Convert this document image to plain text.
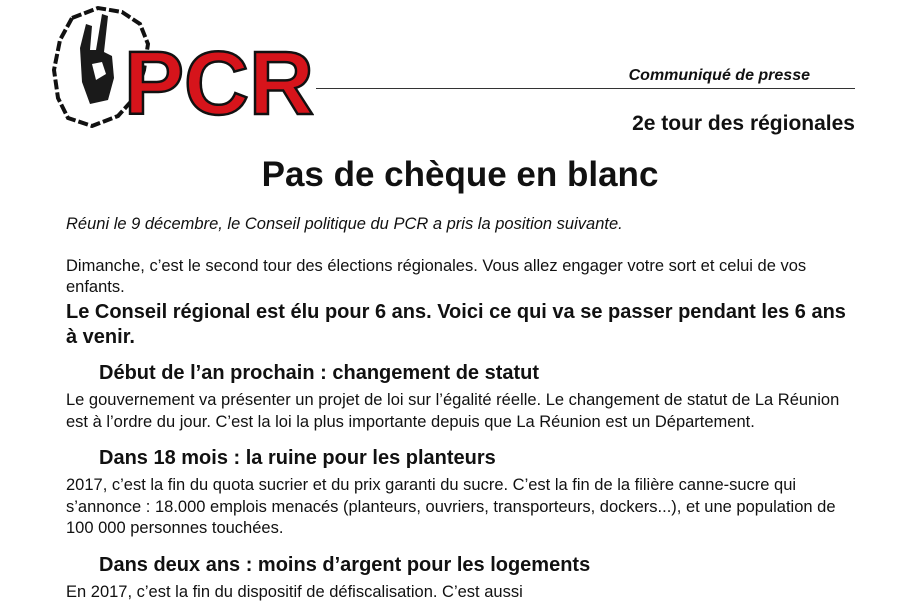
PCR	Communiqué de presse
2e tour des régionales
Pas de chèque en blanc

Réuni le 9 décembre, le Conseil politique du PCR a pris la position suivante.

Dimanche, c’est le second tour des élections régionales. Vous allez engager votre sort et celui de vos enfants.

Le Conseil régional est élu pour 6 ans. Voici ce qui va se passer pendant les 6 ans à venir.

Début de l’an prochain : changement de statut

Le gouvernement va présenter un projet de loi sur l’égalité réelle. Le changement de statut de La Réunion est à l’ordre du jour. C’est la loi la plus importante depuis que La Réunion est un Département.

Dans 18 mois : la ruine pour les planteurs

2017, c’est la fin du quota sucrier et du prix garanti du sucre. C’est la fin de la filière canne-sucre qui s’annonce : 18.000 emplois menacés (planteurs, ouvriers, transporteurs, dockers...), et une population de 100 000 personnes touchées.

Dans deux ans : moins d’argent pour les logements

En 2017, c’est la fin du dispositif de défiscalisation. C’est aussi
